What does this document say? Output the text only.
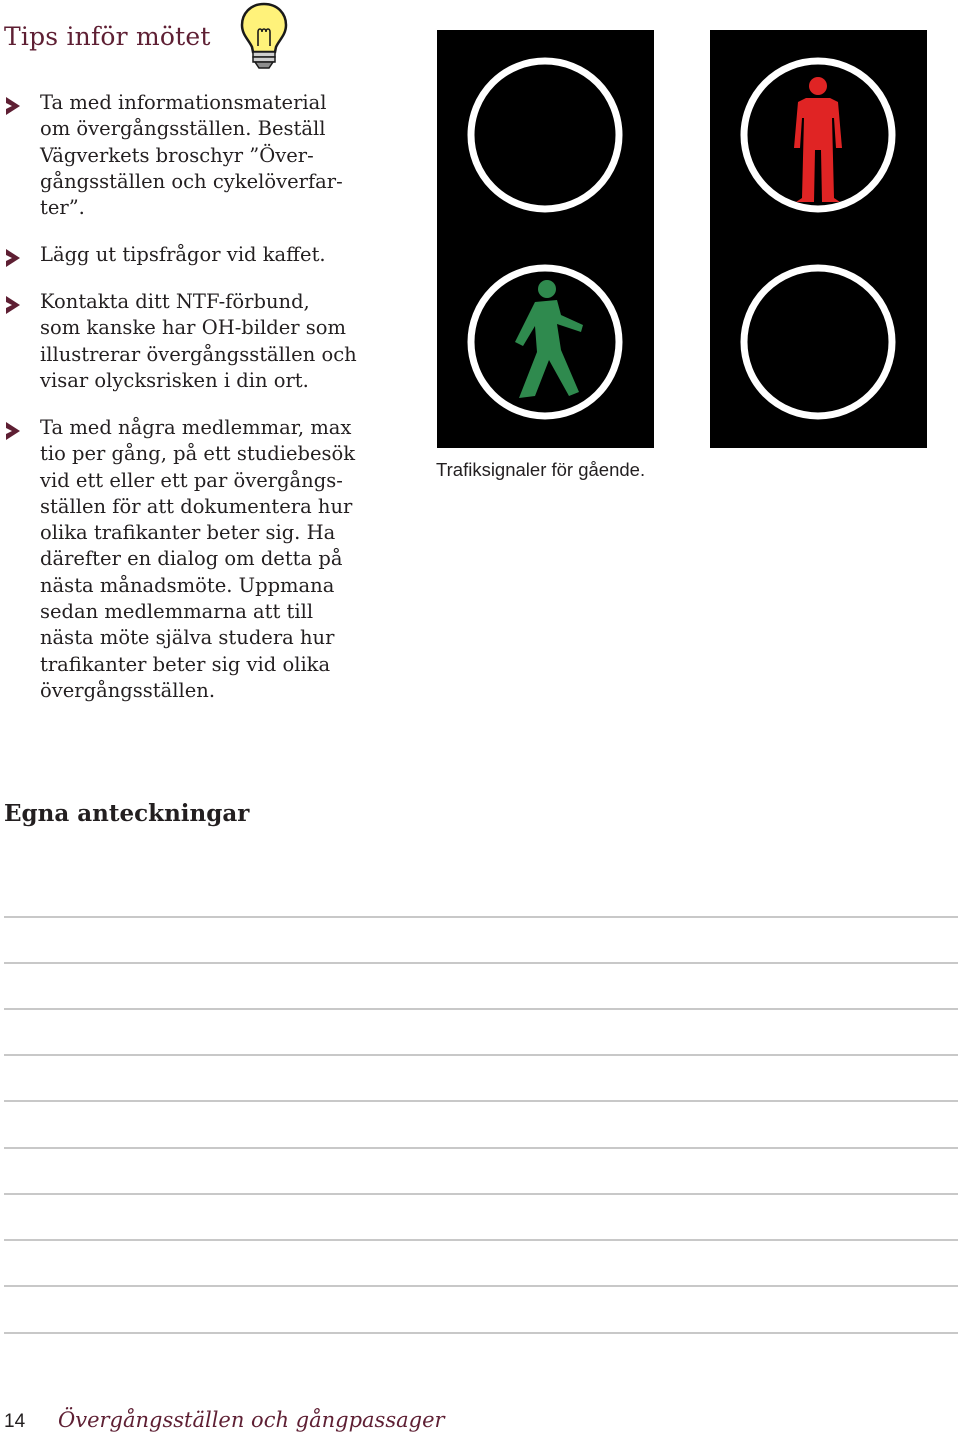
Tips inför mötet
Ta med informationsmaterial
om övergångsställen. Beställ
Vägverkets broschyr ”Över-
gångsställen och cykelöverfar-
ter”.
Lägg ut tipsfrågor vid kaffet.
Kontakta ditt NTF-förbund,
som kanske har OH-bilder som
illustrerar övergångsställen och
visar olycksrisken i din ort.
Ta med några medlemmar, max
tio per gång, på ett studiebesök
vid ett eller ett par övergångs-
ställen för att dokumentera hur
olika trafikanter beter sig. Ha
därefter en dialog om detta på
nästa månadsmöte. Uppmana
sedan medlemmarna att till
nästa möte själva studera hur
trafikanter beter sig vid olika
övergångsställen.
Trafiksignaler för gående.
Egna anteckningar
14 Övergångsställen och gångpassager
